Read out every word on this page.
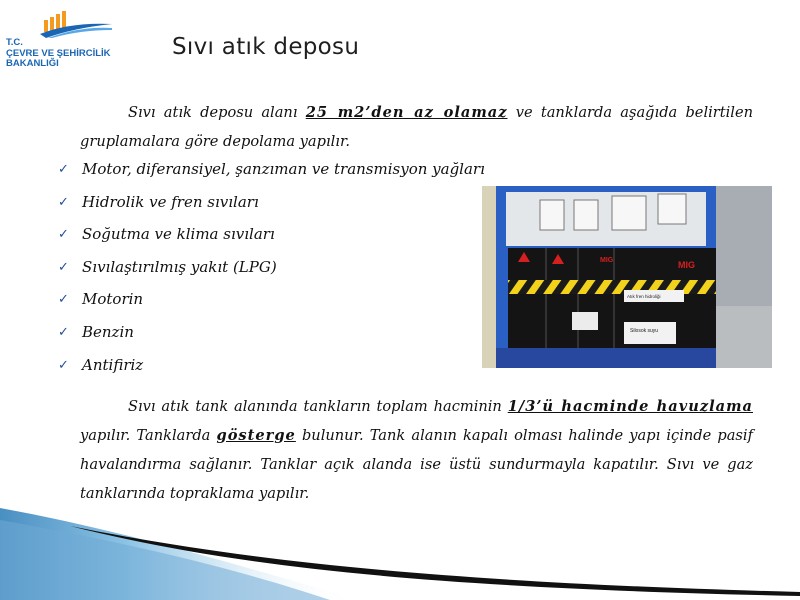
T.C.
ÇEVRE VE ŞEHİRCİLİK
BAKANLIĞI
Sıvı atık deposu
Sıvı atık deposu alanı 25 m2’den az olamaz ve tanklarda aşağıda belirtilen gruplamalara göre depolama yapılır.
✓ Motor, diferansiyel, şanzıman ve transmisyon yağları
✓ Hidrolik ve fren sıvıları
✓ Soğutma ve klima sıvıları
✓ Sıvılaştırılmış yakıt (LPG)
✓ Motorin
✓ Benzin
✓ Antifiriz
MIG	MIG
Atık fren hidroliği
Silosok suyu
Sıvı atık tank alanında tankların toplam hacminin 1/3’ü hacminde havuzlama yapılır. Tanklarda gösterge bulunur. Tank alanın kapalı olması halinde yapı içinde pasif havalandırma sağlanır. Tanklar açık alanda ise üstü sundurmayla kapatılır. Sıvı ve gaz tanklarında topraklama yapılır.
